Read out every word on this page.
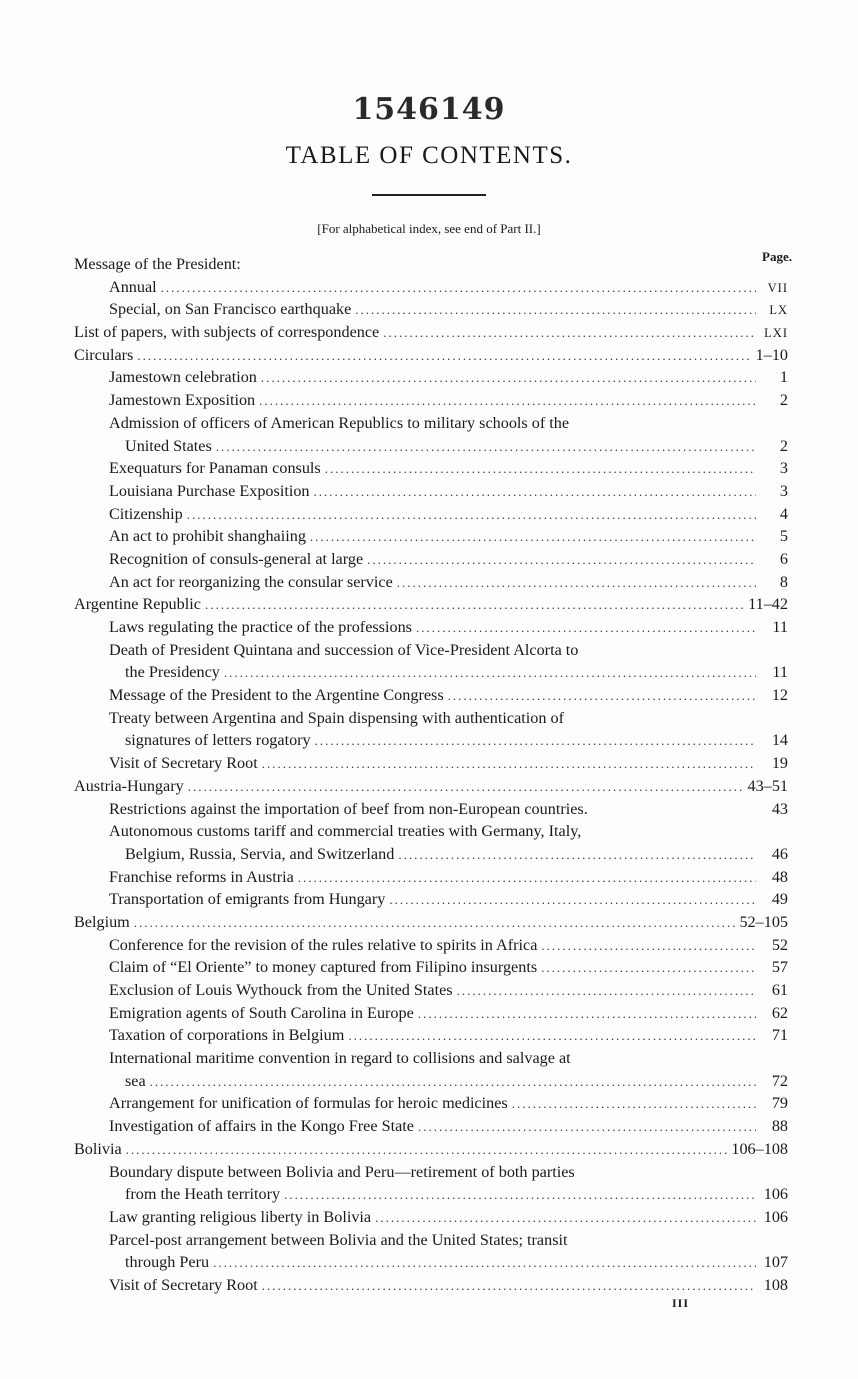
1546149
TABLE OF CONTENTS.
[For alphabetical index, see end of Part II.]
Page.
Message of the President:
Annual .....	VII
Special, on San Francisco earthquake .....	LX
List of papers, with subjects of correspondence .....	LXI
Circulars .....	1–10
Jamestown celebration .....	1
Jamestown Exposition .....	2
Admission of officers of American Republics to military schools of the
United States .....	2
Exequaturs for Panaman consuls .....	3
Louisiana Purchase Exposition .....	3
Citizenship .....	4
An act to prohibit shanghaiing .....	5
Recognition of consuls-general at large .....	6
An act for reorganizing the consular service .....	8
Argentine Republic .....	11–42
Laws regulating the practice of the professions .....	11
Death of President Quintana and succession of Vice-President Alcorta to
the Presidency .....	11
Message of the President to the Argentine Congress .....	12
Treaty between Argentina and Spain dispensing with authentication of
signatures of letters rogatory .....	14
Visit of Secretary Root .....	19
Austria-Hungary .....	43–51
Restrictions against the importation of beef from non-European countries.	43
Autonomous customs tariff and commercial treaties with Germany, Italy,
Belgium, Russia, Servia, and Switzerland .....	46
Franchise reforms in Austria .....	48
Transportation of emigrants from Hungary .....	49
Belgium .....	52–105
Conference for the revision of the rules relative to spirits in Africa .....	52
Claim of “El Oriente” to money captured from Filipino insurgents .....	57
Exclusion of Louis Wythouck from the United States .....	61
Emigration agents of South Carolina in Europe .....	62
Taxation of corporations in Belgium .....	71
International maritime convention in regard to collisions and salvage at
sea .....	72
Arrangement for unification of formulas for heroic medicines .....	79
Investigation of affairs in the Kongo Free State .....	88
Bolivia .....	106–108
Boundary dispute between Bolivia and Peru—retirement of both parties
from the Heath territory .....	106
Law granting religious liberty in Bolivia .....	106
Parcel-post arrangement between Bolivia and the United States; transit
through Peru .....	107
Visit of Secretary Root .....	108
III
